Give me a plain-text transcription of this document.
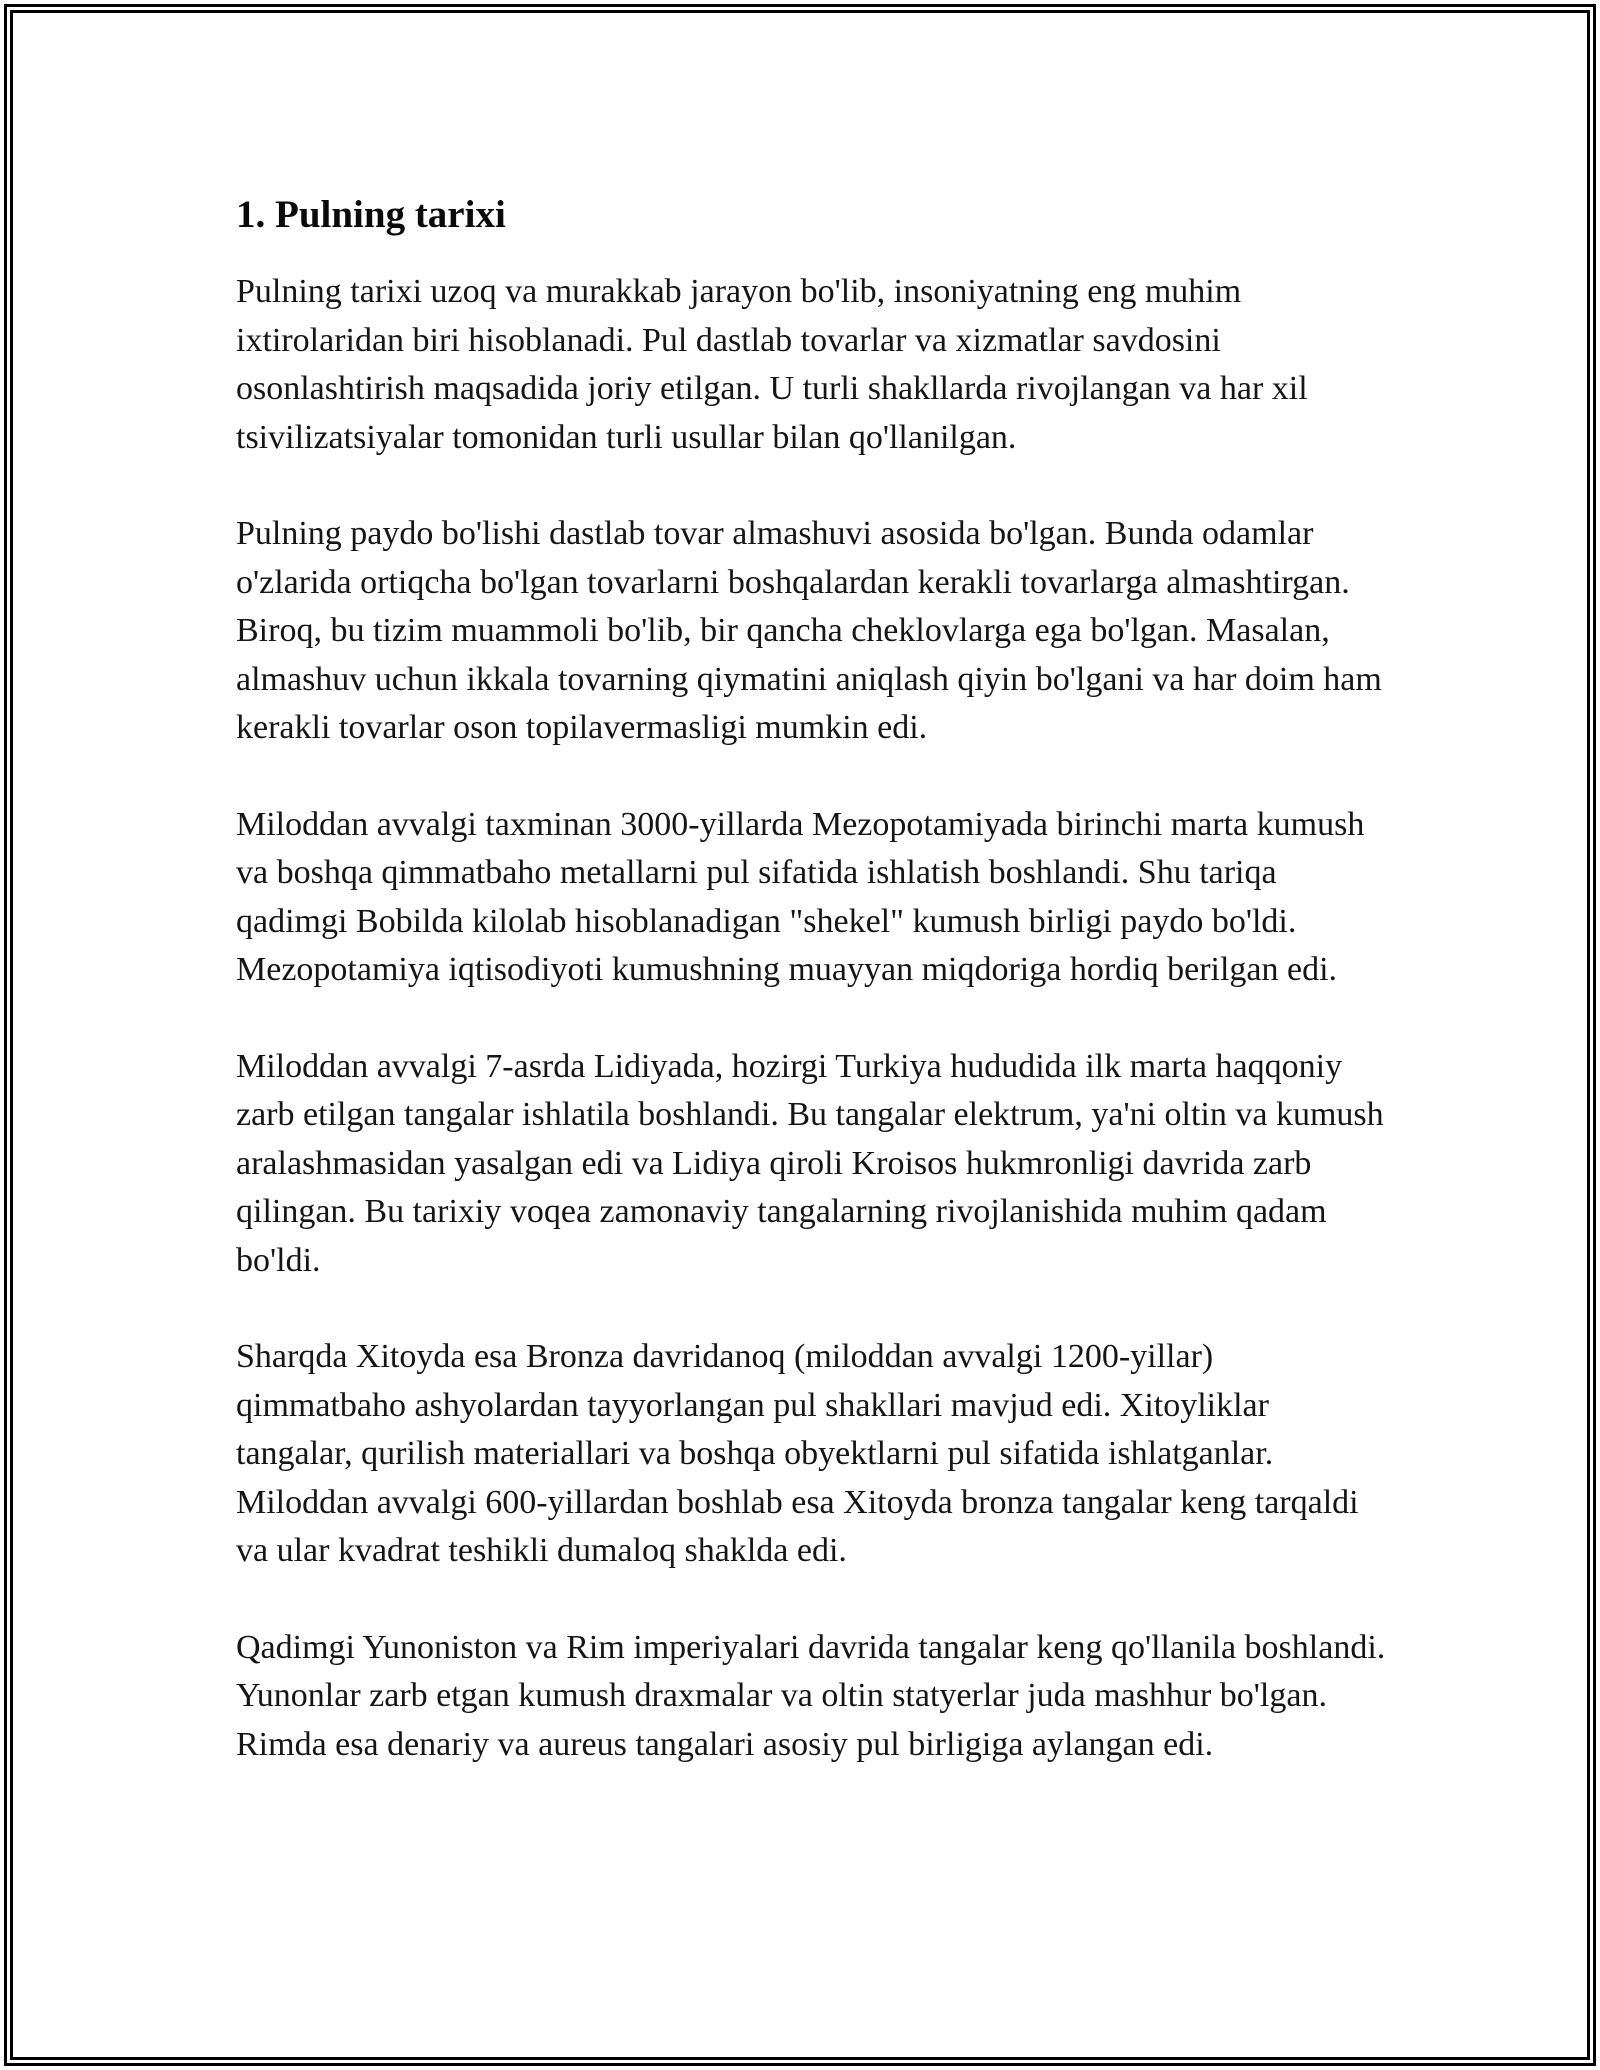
1. Pulning tarixi

Pulning tarixi uzoq va murakkab jarayon bo'lib, insoniyatning eng muhim ixtirolaridan biri hisoblanadi. Pul dastlab tovarlar va xizmatlar savdosini osonlashtirish maqsadida joriy etilgan. U turli shakllarda rivojlangan va har xil tsivilizatsiyalar tomonidan turli usullar bilan qo'llanilgan.

Pulning paydo bo'lishi dastlab tovar almashuvi asosida bo'lgan. Bunda odamlar o'zlarida ortiqcha bo'lgan tovarlarni boshqalardan kerakli tovarlarga almashtirgan. Biroq, bu tizim muammoli bo'lib, bir qancha cheklovlarga ega bo'lgan. Masalan, almashuv uchun ikkala tovarning qiymatini aniqlash qiyin bo'lgani va har doim ham kerakli tovarlar oson topilavermasligi mumkin edi.

Miloddan avvalgi taxminan 3000-yillarda Mezopotamiyada birinchi marta kumush va boshqa qimmatbaho metallarni pul sifatida ishlatish boshlandi. Shu tariqa qadimgi Bobilda kilolab hisoblanadigan "shekel" kumush birligi paydo bo'ldi. Mezopotamiya iqtisodiyoti kumushning muayyan miqdoriga hordiq berilgan edi.

Miloddan avvalgi 7-asrda Lidiyada, hozirgi Turkiya hududida ilk marta haqqoniy zarb etilgan tangalar ishlatila boshlandi. Bu tangalar elektrum, ya'ni oltin va kumush aralashmasidan yasalgan edi va Lidiya qiroli Kroisos hukmronligi davrida zarb qilingan. Bu tarixiy voqea zamonaviy tangalarning rivojlanishida muhim qadam bo'ldi.

Sharqda Xitoyda esa Bronza davridanoq (miloddan avvalgi 1200-yillar) qimmatbaho ashyolardan tayyorlangan pul shakllari mavjud edi. Xitoyliklar tangalar, qurilish materiallari va boshqa obyektlarni pul sifatida ishlatganlar. Miloddan avvalgi 600-yillardan boshlab esa Xitoyda bronza tangalar keng tarqaldi va ular kvadrat teshikli dumaloq shaklda edi.

Qadimgi Yunoniston va Rim imperiyalari davrida tangalar keng qo'llanila boshlandi. Yunonlar zarb etgan kumush draxmalar va oltin statyerlar juda mashhur bo'lgan. Rimda esa denariy va aureus tangalari asosiy pul birligiga aylangan edi.
